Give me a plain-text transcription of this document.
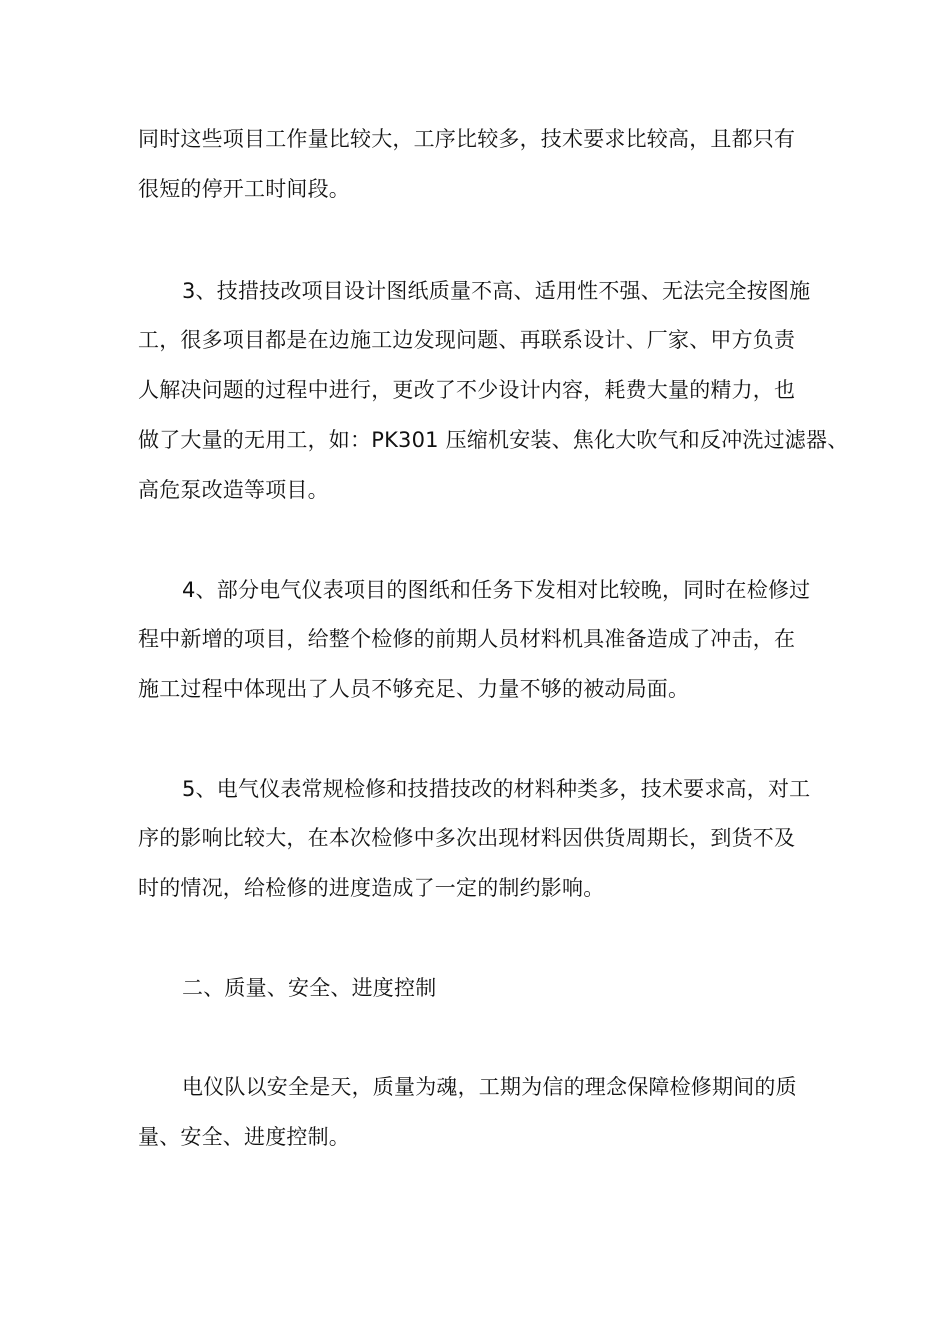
同时这些项目工作量比较大，工序比较多，技术要求比较高，且都只有
很短的停开工时间段。
3、技措技改项目设计图纸质量不高、适用性不强、无法完全按图施
工，很多项目都是在边施工边发现问题、再联系设计、厂家、甲方负责
人解决问题的过程中进行，更改了不少设计内容，耗费大量的精力，也
做了大量的无用工，如：PK301 压缩机安装、焦化大吹气和反冲洗过滤器、
高危泵改造等项目。
4、部分电气仪表项目的图纸和任务下发相对比较晚，同时在检修过
程中新增的项目，给整个检修的前期人员材料机具准备造成了冲击，在
施工过程中体现出了人员不够充足、力量不够的被动局面。
5、电气仪表常规检修和技措技改的材料种类多，技术要求高，对工
序的影响比较大，在本次检修中多次出现材料因供货周期长，到货不及
时的情况，给检修的进度造成了一定的制约影响。
二、质量、安全、进度控制
电仪队以安全是天，质量为魂，工期为信的理念保障检修期间的质
量、安全、进度控制。
